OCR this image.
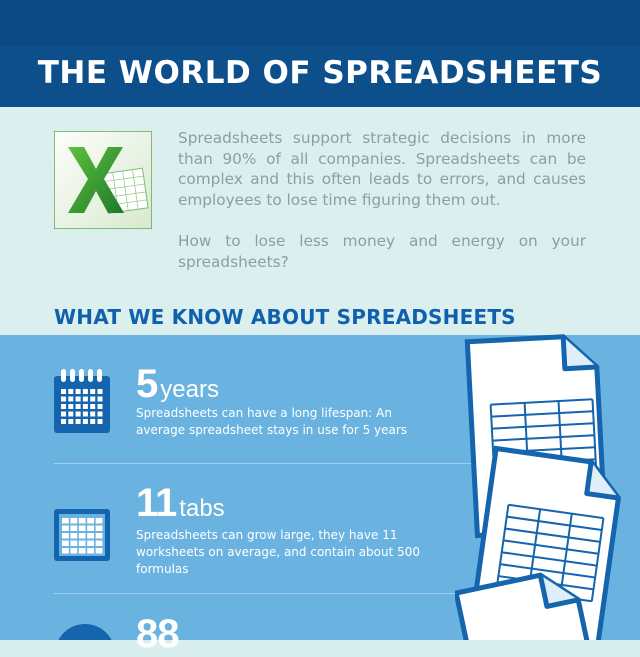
THE WORLD OF SPREADSHEETS

Spreadsheets support strategic decisions in more than 90% of all companies. Spreadsheets can be complex and this often leads to errors, and causes employees to lose time figuring them out.

How to lose less money and energy on your spreadsheets?

WHAT WE KNOW ABOUT SPREADSHEETS
5 years
Spreadsheets can have a long lifespan: An average spreadsheet stays in use for 5 years
11 tabs
Spreadsheets can grow large, they have 11 worksheets on average, and contain about 500 formulas
88
